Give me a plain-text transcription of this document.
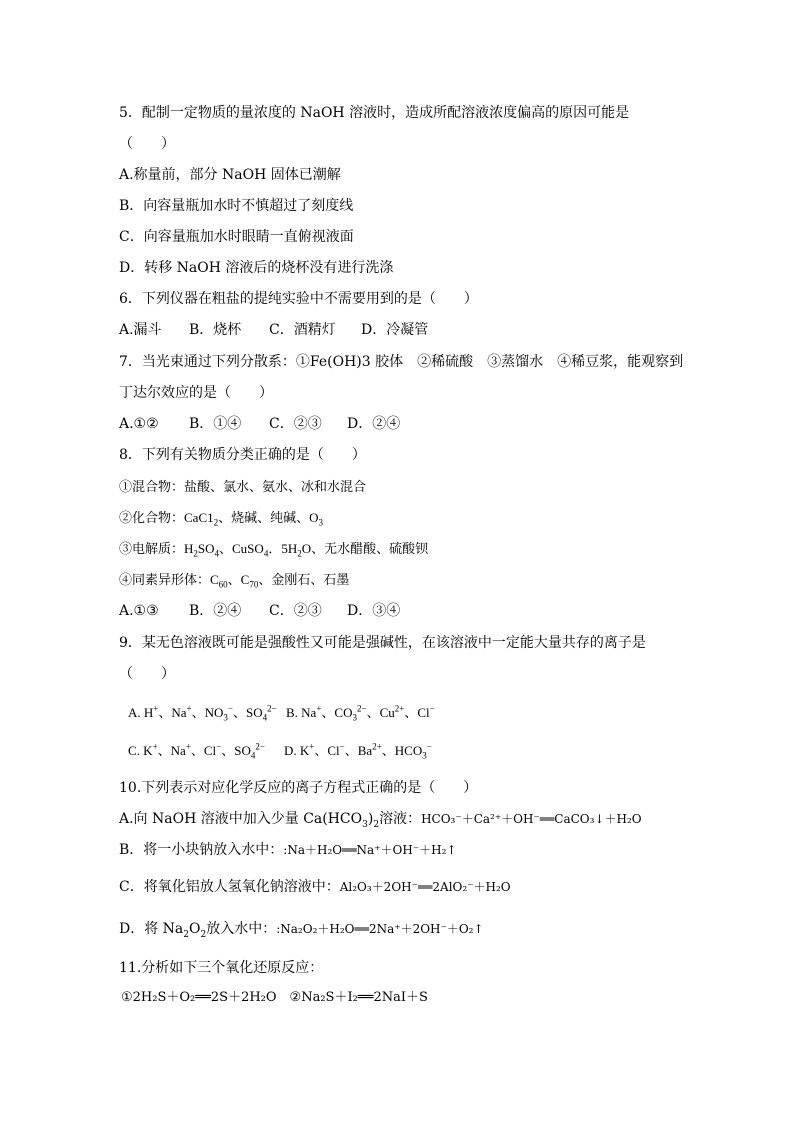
5．配制一定物质的量浓度的 NaOH 溶液时，造成所配溶液浓度偏高的原因可能是
（　　）
A.称量前，部分 NaOH 固体已潮解
B．向容量瓶加水时不慎超过了刻度线
C．向容量瓶加水时眼睛一直俯视液面
D．转移 NaOH 溶液后的烧杯没有进行洗涤
6．下列仪器在粗盐的提纯实验中不需要用到的是（　　）
A.漏斗 B．烧杯 C．酒精灯 D．冷凝管
7．当光束通过下列分散系：①Fe(OH)3 胶体　②稀硫酸　③蒸馏水　④稀豆浆，能观察到
丁达尔效应的是（　　）
A.①② B．①④ C．②③ D．②④
8．下列有关物质分类正确的是（　　）
①混合物：盐酸、氯水、氨水、冰和水混合
②化合物：$CaC1_2$、烧碱、纯碱、$O_3$
③电解质：$H_2SO_4$、CuSO$_4$．$5H_2O$、无水醋酸、硫酸钡
④同素异形体：$C_{60}$、$C_{70}$、金刚石、石墨
A.①③ B．②④ C．②③ D．③④
9．某无色溶液既可能是强酸性又可能是强碱性，在该溶液中一定能大量共存的离子是
（　　）
A. H+、Na+、$NO_3^-$、$SO_4^{2-}$ B. Na+、$CO_3^{2-}$、$Cu^{2+}$、Cl−
C. K+、Na+、Cl−、$SO_4^{2-}$ D. K+、Cl−、$Ba^{2+}$、$HCO_3^-$
10.下列表示对应化学反应的离子方程式正确的是（　　）
A.向 NaOH 溶液中加入少量 $Ca(HCO_3)_2$溶液：HCO₃⁻＋Ca²⁺＋OH⁻══CaCO₃↓＋H₂O
B．将一小块钠放入水中：:Na＋H₂O══Na⁺＋OH⁻＋H₂↑
C．将氧化铝放人氢氧化钠溶液中：Al₂O₃＋2OH⁻══2AlO₂⁻＋H₂O
D．将 $Na_2O_2$放入水中：:Na₂O₂＋H₂O══2Na⁺＋2OH⁻＋O₂↑
11.分析如下三个氧化还原反应：
①2H₂S＋O₂══2S＋2H₂O　②Na₂S＋I₂══2NaI＋S
